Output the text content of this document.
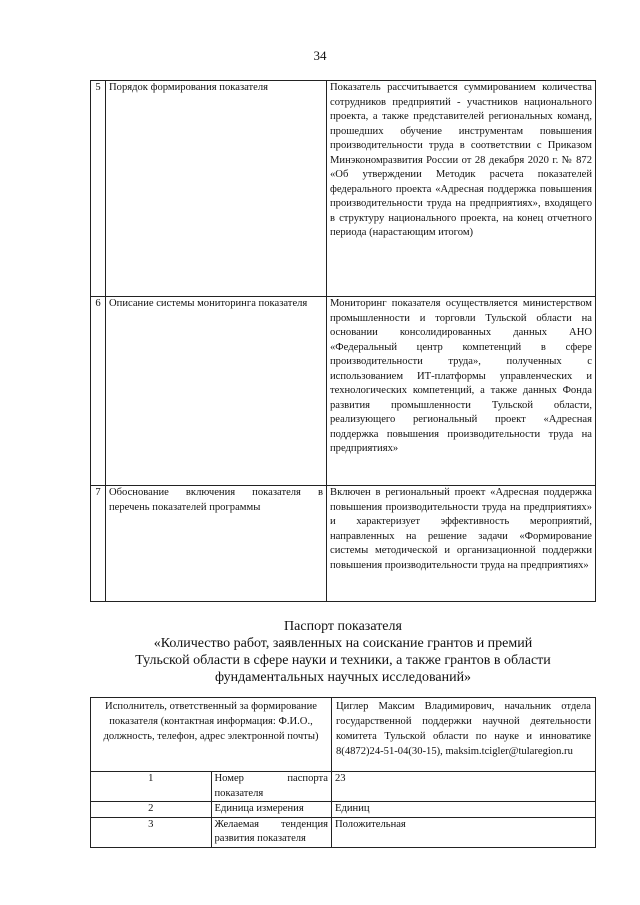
34
5	Порядок формирования показателя	Показатель рассчитывается суммированием количества сотрудников предприятий - участников национального проекта, а также представителей региональных команд, прошедших обучение инструментам повышения производительности труда в соответствии с Приказом Минэкономразвития России от 28 декабря 2020 г. № 872 «Об утверждении Методик расчета показателей федерального проекта «Адресная поддержка повышения производительности труда на предприятиях», входящего в структуру национального проекта, на конец отчетного периода (нарастающим итогом)
6	Описание системы мониторинга показателя	Мониторинг показателя осуществляется министерством промышленности и торговли Тульской области на основании консолидированных данных АНО «Федеральный центр компетенций в сфере производительности труда», полученных с использованием ИТ-платформы управленческих и технологических компетенций, а также данных Фонда развития промышленности Тульской области, реализующего региональный проект «Адресная поддержка повышения производительности труда на предприятиях»
7	Обоснование включения показателя в перечень показателей программы	Включен в региональный проект «Адресная поддержка повышения производительности труда на предприятиях» и характеризует эффективность мероприятий, направленных на решение задачи «Формирование системы методической и организационной поддержки повышения производительности труда на предприятиях»
Паспорт показателя
«Количество работ, заявленных на соискание грантов и премий
Тульской области в сфере науки и техники, а также грантов в области
фундаментальных научных исследований»
Исполнитель, ответственный за формирование показателя (контактная информация: Ф.И.О., должность, телефон, адрес электронной почты)		Циглер Максим Владимирович, начальник отдела государственной поддержки научной деятельности комитета Тульской области по науке и инноватике 8(4872)24-51-04(30-15), maksim.tcigler@tularegion.ru
1	Номер паспорта показателя	23
2	Единица измерения	Единиц
3	Желаемая тенденция развития показателя	Положительная
